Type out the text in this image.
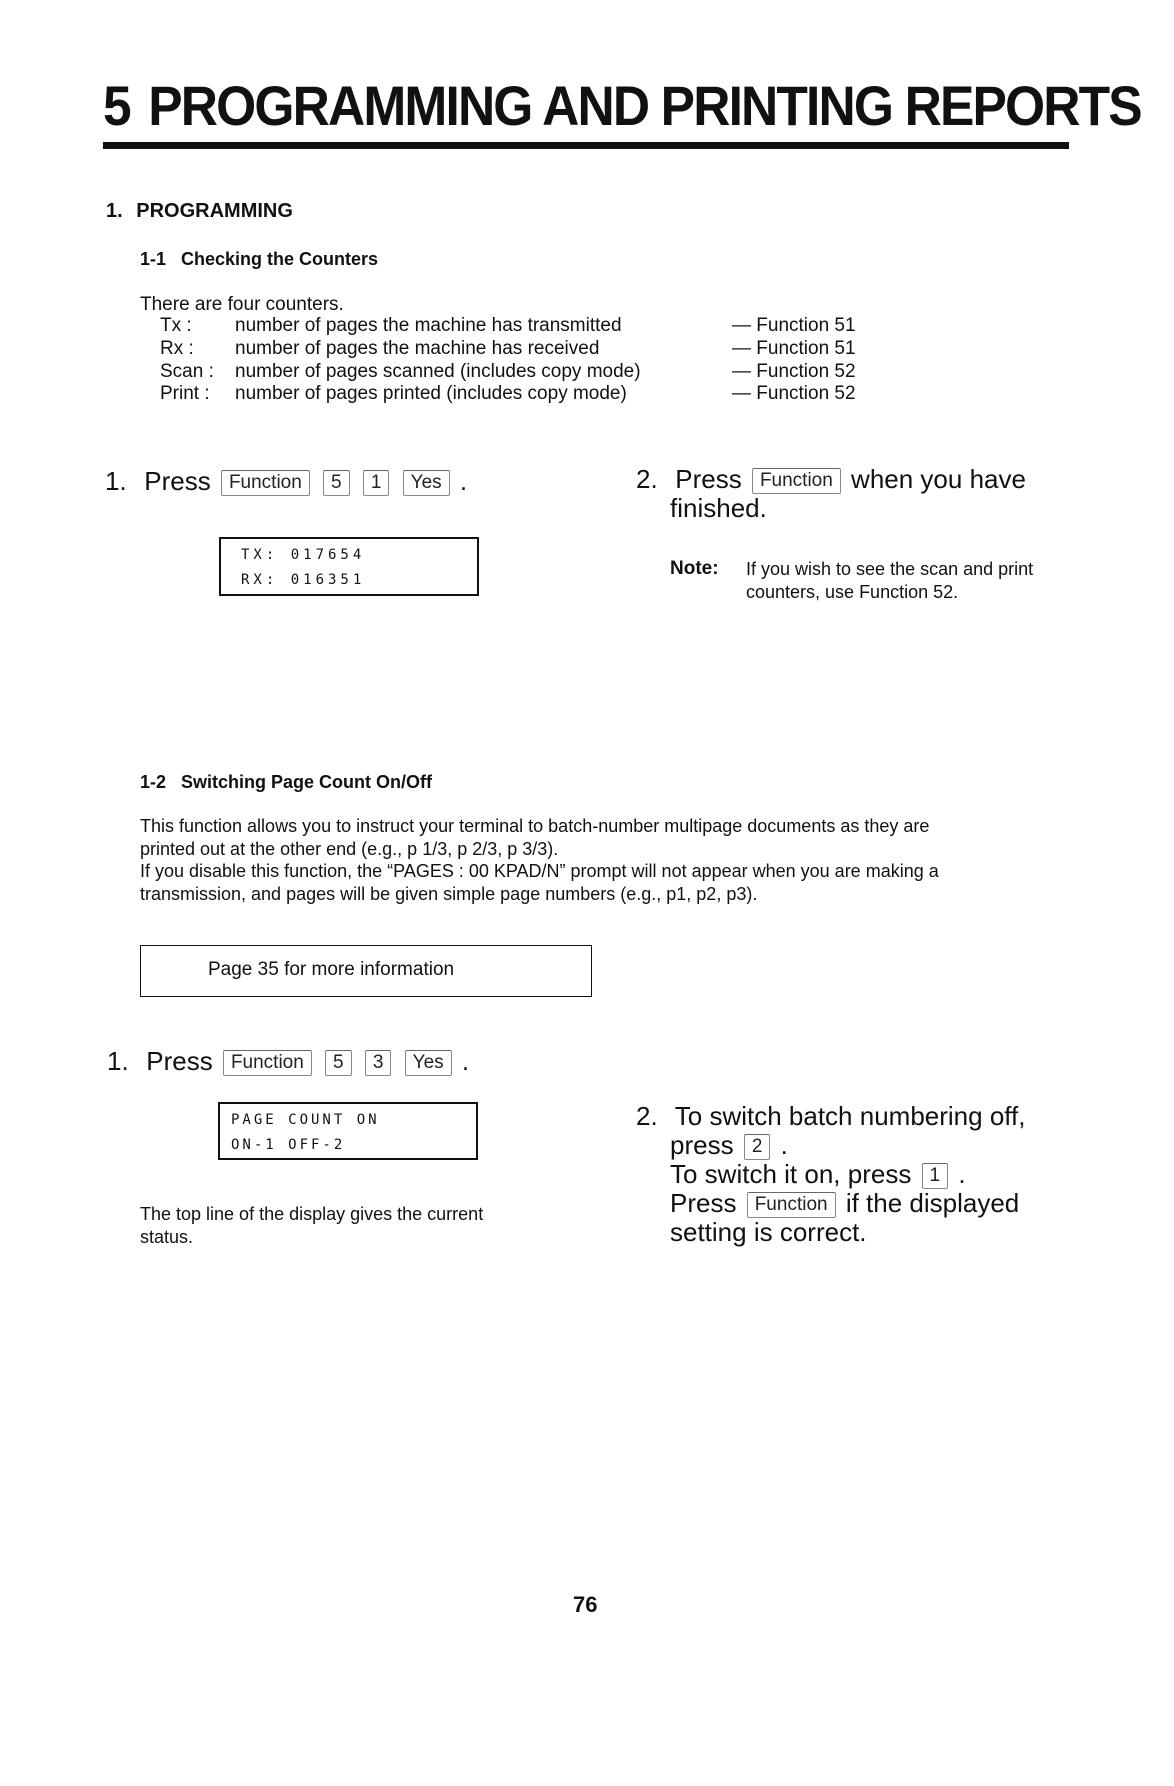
5 PROGRAMMING AND PRINTING REPORTS
1. PROGRAMMING
1-1 Checking the Counters
There are four counters.
Tx : number of pages the machine has transmitted	— Function 51
Rx : number of pages the machine has received	— Function 51
Scan : number of pages scanned (includes copy mode)	— Function 52
Print : number of pages printed (includes copy mode)	— Function 52
1. Press Function 5 1 Yes .
TX: 017654
RX: 016351
2. Press Function when you have
finished.
Note: If you wish to see the scan and print
counters, use Function 52.
1-2 Switching Page Count On/Off
This function allows you to instruct your terminal to batch-number multipage documents as they are
printed out at the other end (e.g., p 1/3, p 2/3, p 3/3).
If you disable this function, the “PAGES : 00 KPAD/N” prompt will not appear when you are making a
transmission, and pages will be given simple page numbers (e.g., p1, p2, p3).
Page 35 for more information
1. Press Function 5 3 Yes .
PAGE COUNT ON
ON-1 OFF-2
The top line of the display gives the current
status.
2. To switch batch numbering off,
press 2 .
To switch it on, press 1 .
Press Function if the displayed
setting is correct.
76
